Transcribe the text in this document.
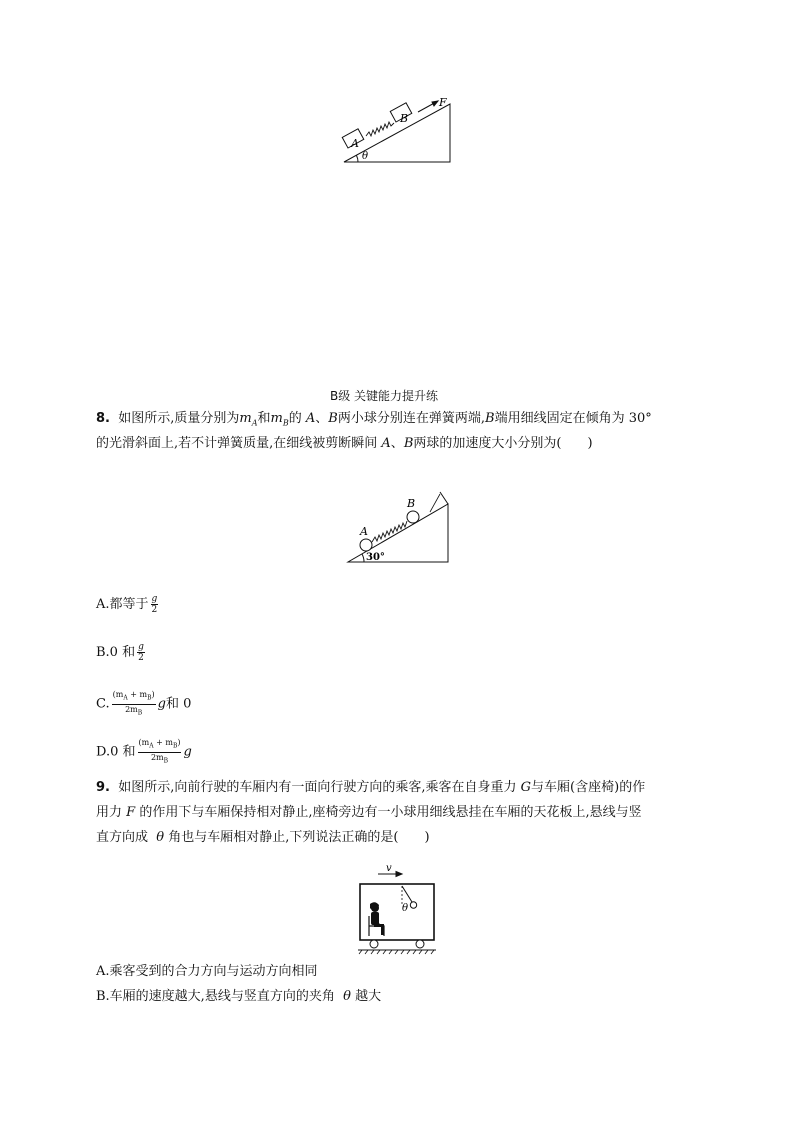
A
B
F
θ
B级 关键能力提升练
8. 如图所示,质量分别为$m_A$和$m_B$的 A、B两小球分别连在弹簧两端,B端用细线固定在倾角为 30°
的光滑斜面上,若不计弹簧质量,在细线被剪断瞬间 A、B两球的加速度大小分别为(　　)
A
B
30°
A.都等于 $\frac{g}{2}$
B.0 和 $\frac{g}{2}$
C. $\frac{(m_A + m_B)}{2m_B}$ g和 0
D.0 和 $\frac{(m_A + m_B)}{2m_B}$ g
9. 如图所示,向前行驶的车厢内有一面向行驶方向的乘客,乘客在自身重力 G与车厢(含座椅)的作
用力 F 的作用下与车厢保持相对静止,座椅旁边有一小球用细线悬挂在车厢的天花板上,悬线与竖
直方向成 θ 角也与车厢相对静止,下列说法正确的是(　　)
v
θ
A.乘客受到的合力方向与运动方向相同
B.车厢的速度越大,悬线与竖直方向的夹角 θ 越大
